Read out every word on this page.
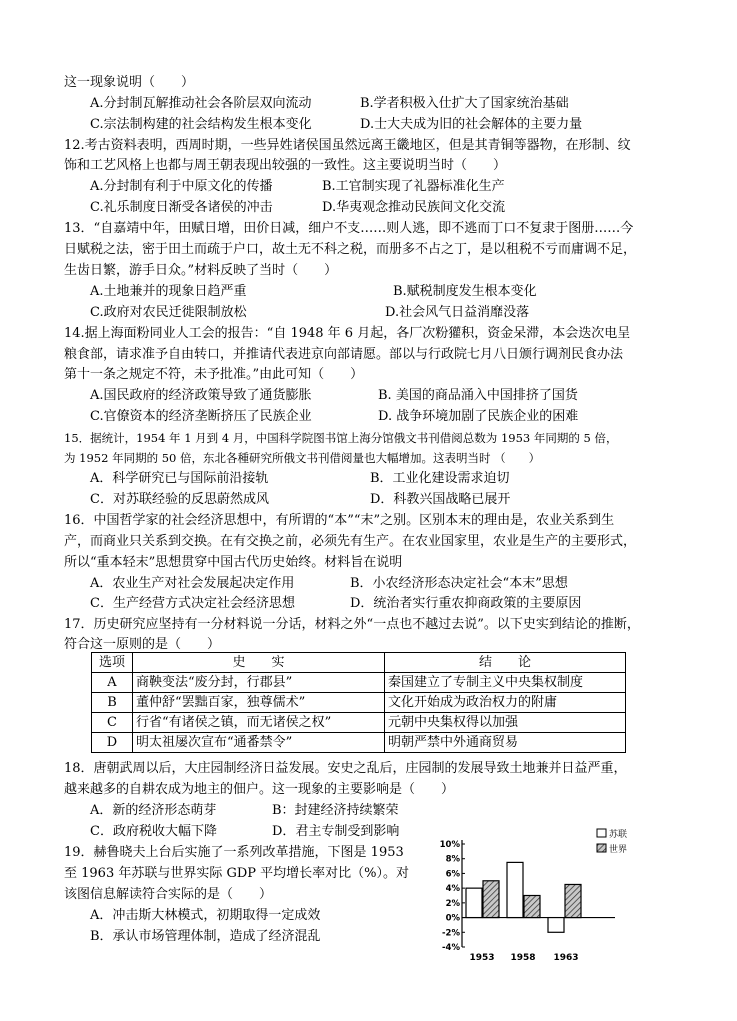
这一现象说明（　　）
A.分封制瓦解推动社会各阶层双向流动	B.学者积极入仕扩大了国家统治基础
C.宗法制构建的社会结构发生根本变化	D.士大夫成为旧的社会解体的主要力量
12.考古资料表明，西周时期，一些异姓诸侯国虽然远离王畿地区，但是其青铜等器物，在形制、纹
饰和工艺风格上也都与周王朝表现出较强的一致性。这主要说明当时（　　）
A.分封制有利于中原文化的传播	B.工官制实现了礼器标准化生产
C.礼乐制度日渐受各诸侯的冲击	D.华夷观念推动民族间文化交流
13．“自嘉靖中年，田赋日增，田价日减，细户不支……则人逃，即不逃而丁口不复隶于图册……今
日赋税之法，密于田土而疏于户口，故土无不科之税，而册多不占之丁，是以租税不亏而庸调不足，
生齿日繁，游手日众。”材料反映了当时（　　）
A.土地兼并的现象日趋严重	B.赋税制度发生根本变化
C.政府对农民迁徙限制放松	D.社会风气日益消靡没落
14.据上海面粉同业人工会的报告：“自 1948 年 6 月起，各厂次粉獾积，资金呆滞，本会迭次电呈
粮食部，请求准予自由转口，并推请代表进京向部请愿。部以与行政院七月八日颁行调剂民食办法
第十一条之规定不符，未予批准。”由此可知（　　）
A.国民政府的经济政策导致了通货膨胀	B. 美国的商品涌入中国排挤了国货
C.官僚资本的经济垄断挤压了民族企业	D. 战争环境加剧了民族企业的困难
15．据统计，1954 年 1 月到 4 月，中国科学院图书馆上海分馆俄文书刊借阅总数为 1953 年同期的 5 倍，
为 1952 年同期的 50 倍，东北各種研究所俄文书刊借阅量也大幅增加。这表明当时 （　　）
A．科学研究已与国际前沿接轨	B．工业化建设需求迫切
C．对苏联经验的反思蔚然成风	D．科教兴国战略已展开
16．中国哲学家的社会经济思想中，有所谓的“本”“末”之别。区别本末的理由是，农业关系到生
产，而商业只关系到交换。在有交换之前，必须先有生产。在农业国家里，农业是生产的主要形式，
所以“重本轻末”思想贯穿中国古代历史始终。材料旨在说明
A．农业生产对社会发展起决定作用	B．小农经济形态决定社会“本末”思想
C．生产经营方式决定社会经济思想	D．统治者实行重农抑商政策的主要原因
17．历史研究应坚持有一分材料说一分话，材料之外“一点也不越过去说”。以下史实到结论的推断，
符合这一原则的是（　　）
选项	史　　实	结　　论
A	商鞅变法“废分封，行郡县”	秦国建立了专制主义中央集权制度
B	董仲舒“罢黜百家，独尊儒术”	文化开始成为政治权力的附庸
C	行省“有诸侯之镇，而无诸侯之权”	元朝中央集权得以加强
D	明太祖屡次宣布“通番禁令”	明朝严禁中外通商贸易
18．唐朝武周以后，大庄园制经济日益发展。安史之乱后，庄园制的发展导致土地兼并日益严重，
越来越多的自耕农成为地主的佃户。这一现象的主要影响是（　　）
A．新的经济形态萌芽	B：封建经济持续繁荣
C．政府税收大幅下降	D．君主专制受到影响
19．赫鲁晓夫上台后实施了一系列改革措施，下图是 1953
至 1963 年苏联与世界实际 GDP 平均增长率对比（%）。对
该图信息解读符合实际的是（　　）
A．冲击斯大林模式，初期取得一定成效
B．承认市场管理体制，造成了经济混乱
10%
8%
6%
4%
2%
0%
-2%
-4%
1953 1958 1963
苏联
世界
